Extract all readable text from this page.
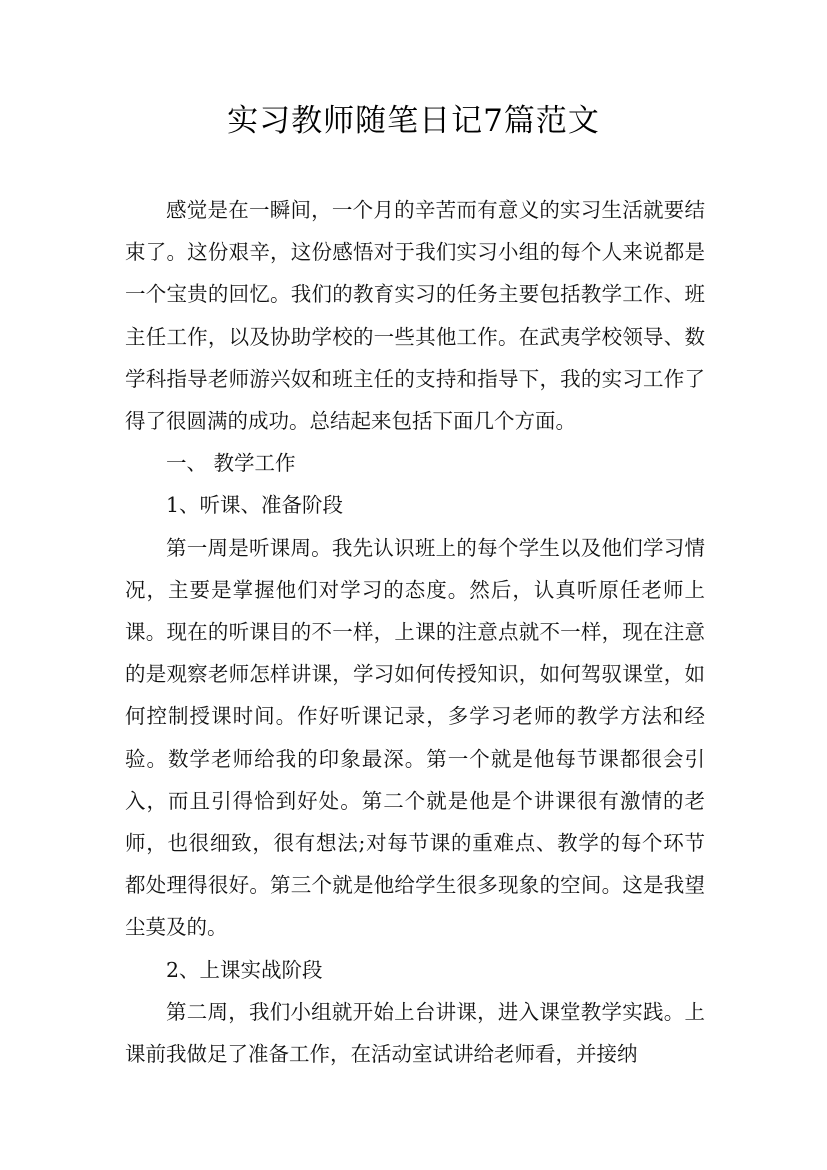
实习教师随笔日记7篇范文

感觉是在一瞬间，一个月的辛苦而有意义的实习生活就要结束了。这份艰辛，这份感悟对于我们实习小组的每个人来说都是一个宝贵的回忆。我们的教育实习的任务主要包括教学工作、班主任工作，以及协助学校的一些其他工作。在武夷学校领导、数学科指导老师游兴奴和班主任的支持和指导下，我的实习工作了得了很圆满的成功。总结起来包括下面几个方面。

一、 教学工作

1、听课、准备阶段

第一周是听课周。我先认识班上的每个学生以及他们学习情况，主要是掌握他们对学习的态度。然后，认真听原任老师上课。现在的听课目的不一样，上课的注意点就不一样，现在注意的是观察老师怎样讲课，学习如何传授知识，如何驾驭课堂，如何控制授课时间。作好听课记录，多学习老师的教学方法和经验。数学老师给我的印象最深。第一个就是他每节课都很会引入，而且引得恰到好处。第二个就是他是个讲课很有激情的老师，也很细致，很有想法;对每节课的重难点、教学的每个环节都处理得很好。第三个就是他给学生很多现象的空间。这是我望尘莫及的。

2、上课实战阶段

第二周，我们小组就开始上台讲课，进入课堂教学实践。上课前我做足了准备工作，在活动室试讲给老师看，并接纳
